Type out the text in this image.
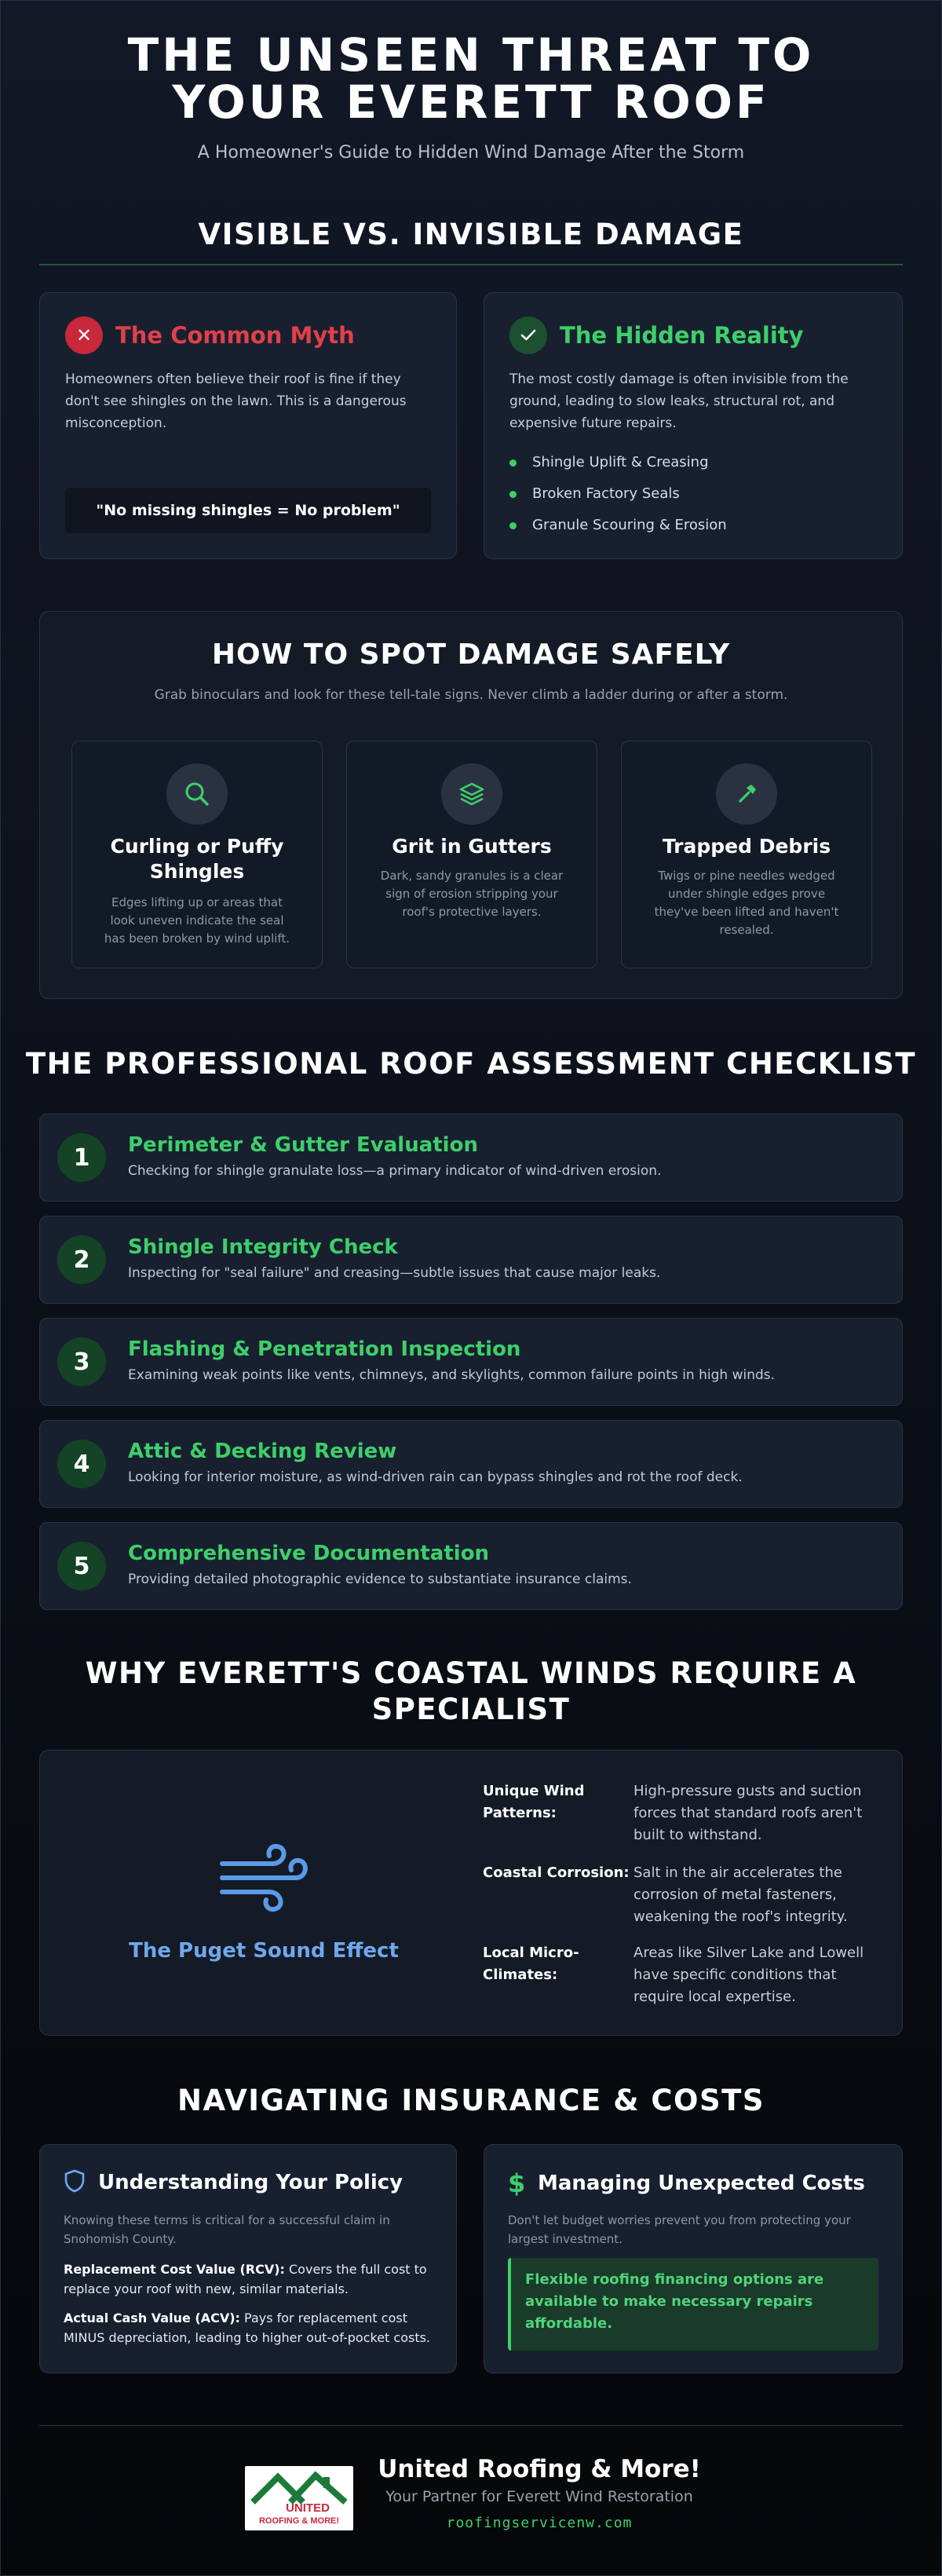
THE UNSEEN THREAT TO
YOUR EVERETT ROOF
A Homeowner's Guide to Hidden Wind Damage After the Storm
VISIBLE VS. INVISIBLE DAMAGE
✕	The Common Myth
Homeowners often believe their roof is fine if they don't see shingles on the lawn. This is a dangerous misconception.
"No missing shingles = No problem"
The Hidden Reality
The most costly damage is often invisible from the ground, leading to slow leaks, structural rot, and expensive future repairs.
Shingle Uplift & Creasing
Broken Factory Seals
Granule Scouring & Erosion
HOW TO SPOT DAMAGE SAFELY
Grab binoculars and look for these tell-tale signs. Never climb a ladder during or after a storm.
Curling or Puffy
Shingles
Edges lifting up or areas that
look uneven indicate the seal
has been broken by wind uplift.
Grit in Gutters
Dark, sandy granules is a clear
sign of erosion stripping your
roof's protective layers.
Trapped Debris
Twigs or pine needles wedged
under shingle edges prove
they've been lifted and haven't
resealed.
THE PROFESSIONAL ROOF ASSESSMENT CHECKLIST
1	Perimeter & Gutter Evaluation
Checking for shingle granulate loss—a primary indicator of wind-driven erosion.
2	Shingle Integrity Check
Inspecting for "seal failure" and creasing—subtle issues that cause major leaks.
3	Flashing & Penetration Inspection
Examining weak points like vents, chimneys, and skylights, common failure points in high winds.
4	Attic & Decking Review
Looking for interior moisture, as wind-driven rain can bypass shingles and rot the roof deck.
5	Comprehensive Documentation
Providing detailed photographic evidence to substantiate insurance claims.
WHY EVERETT'S COASTAL WINDS REQUIRE A
SPECIALIST
The Puget Sound Effect
Unique Wind
Patterns:
High-pressure gusts and suction
forces that standard roofs aren't
built to withstand.
Coastal Corrosion: Salt in the air accelerates the
corrosion of metal fasteners,
weakening the roof's integrity.
Local Micro-
Climates:
Areas like Silver Lake and Lowell
have specific conditions that
require local expertise.
NAVIGATING INSURANCE & COSTS
Understanding Your Policy
Knowing these terms is critical for a successful claim in
Snohomish County.
Replacement Cost Value (RCV): Covers the full cost to
replace your roof with new, similar materials.
Actual Cash Value (ACV): Pays for replacement cost
MINUS depreciation, leading to higher out-of-pocket costs.
$ Managing Unexpected Costs
Don't let budget worries prevent you from protecting your
largest investment.
Flexible roofing financing options are
available to make necessary repairs
affordable.
UNITED
ROOFING & MORE!
United Roofing & More!
Your Partner for Everett Wind Restoration
roofingservicenw.com
